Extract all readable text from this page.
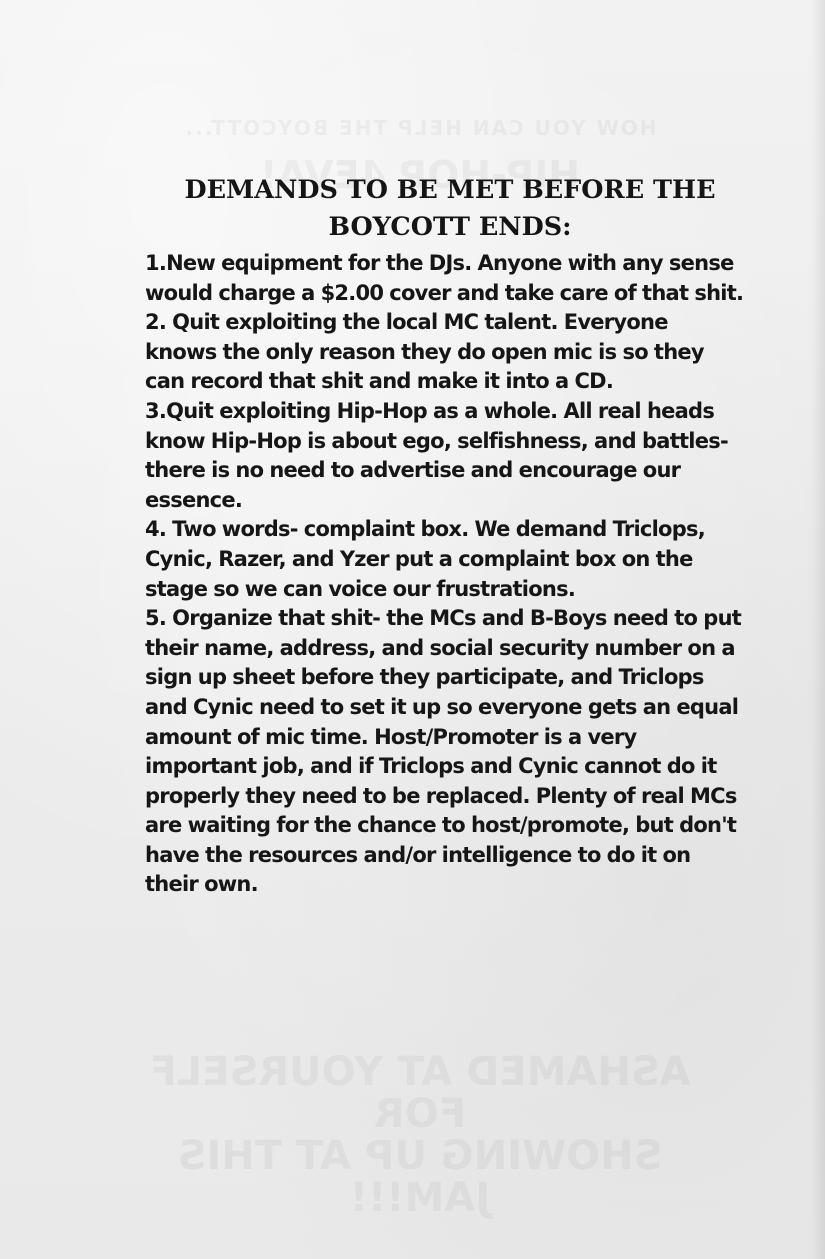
DEMANDS TO BE MET BEFORE THE
BOYCOTT ENDS:
1.New equipment for the DJs. Anyone with any sense would charge a $2.00 cover and take care of that shit.
2. Quit exploiting the local MC talent. Everyone knows the only reason they do open mic is so they can record that shit and make it into a CD.
3.Quit exploiting Hip-Hop as a whole. All real heads know Hip-Hop is about ego, selfishness, and battles- there is no need to advertise and encourage our essence.
4. Two words- complaint box. We demand Triclops, Cynic, Razer, and Yzer put a complaint box on the stage so we can voice our frustrations.
5. Organize that shit- the MCs and B-Boys need to put their name, address, and social security number on a sign up sheet before they participate, and Triclops and Cynic need to set it up so everyone gets an equal amount of mic time. Host/Promoter is a very important job, and if Triclops and Cynic cannot do it properly they need to be replaced. Plenty of real MCs are waiting for the chance to host/promote, but don't have the resources and/or intelligence to do it on their own.
